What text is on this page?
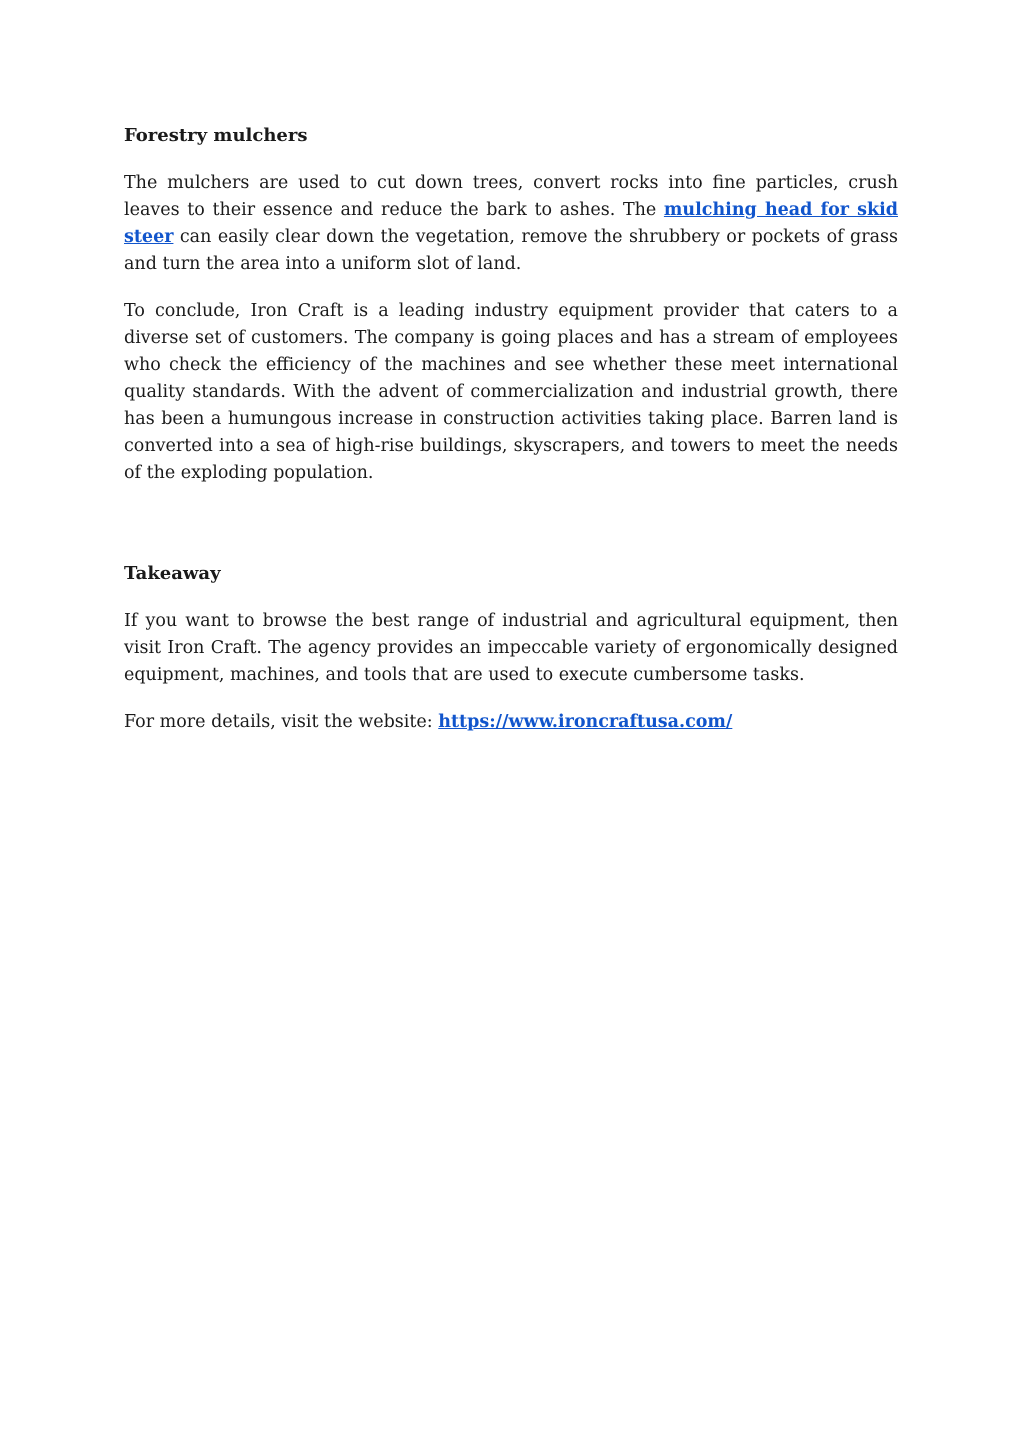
Forestry mulchers

The mulchers are used to cut down trees, convert rocks into fine particles, crush leaves to their essence and reduce the bark to ashes. The mulching head for skid steer can easily clear down the vegetation, remove the shrubbery or pockets of grass and turn the area into a uniform slot of land.

To conclude, Iron Craft is a leading industry equipment provider that caters to a diverse set of customers. The company is going places and has a stream of employees who check the efficiency of the machines and see whether these meet international quality standards. With the advent of commercialization and industrial growth, there has been a humungous increase in construction activities taking place. Barren land is converted into a sea of high-rise buildings, skyscrapers, and towers to meet the needs of the exploding population.

Takeaway

If you want to browse the best range of industrial and agricultural equipment, then visit Iron Craft. The agency provides an impeccable variety of ergonomically designed equipment, machines, and tools that are used to execute cumbersome tasks.

For more details, visit the website: https://www.ironcraftusa.com/
